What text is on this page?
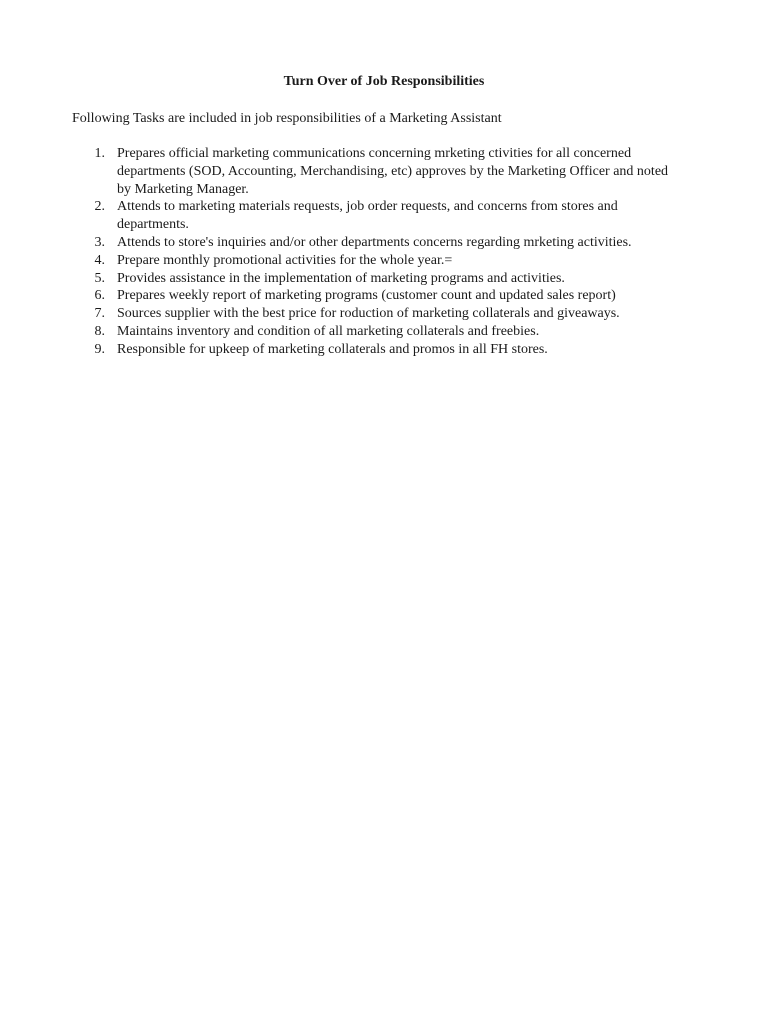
Turn Over of Job Responsibilities
Following Tasks are included in job responsibilities of a Marketing Assistant
1. Prepares official marketing communications concerning mrketing ctivities for all concerned departments (SOD, Accounting, Merchandising, etc) approves by the Marketing Officer and noted by Marketing Manager.
2. Attends to marketing materials requests, job order requests, and concerns from stores and departments.
3. Attends to store's inquiries and/or other departments concerns regarding mrketing activities.
4. Prepare monthly promotional activities for the whole year.=
5. Provides assistance in the implementation of marketing programs and activities.
6. Prepares weekly report of marketing programs (customer count and updated sales report)
7. Sources supplier with the best price for roduction of marketing collaterals and giveaways.
8. Maintains inventory and condition of all marketing collaterals and freebies.
9. Responsible for upkeep of marketing collaterals and promos in all FH stores.
